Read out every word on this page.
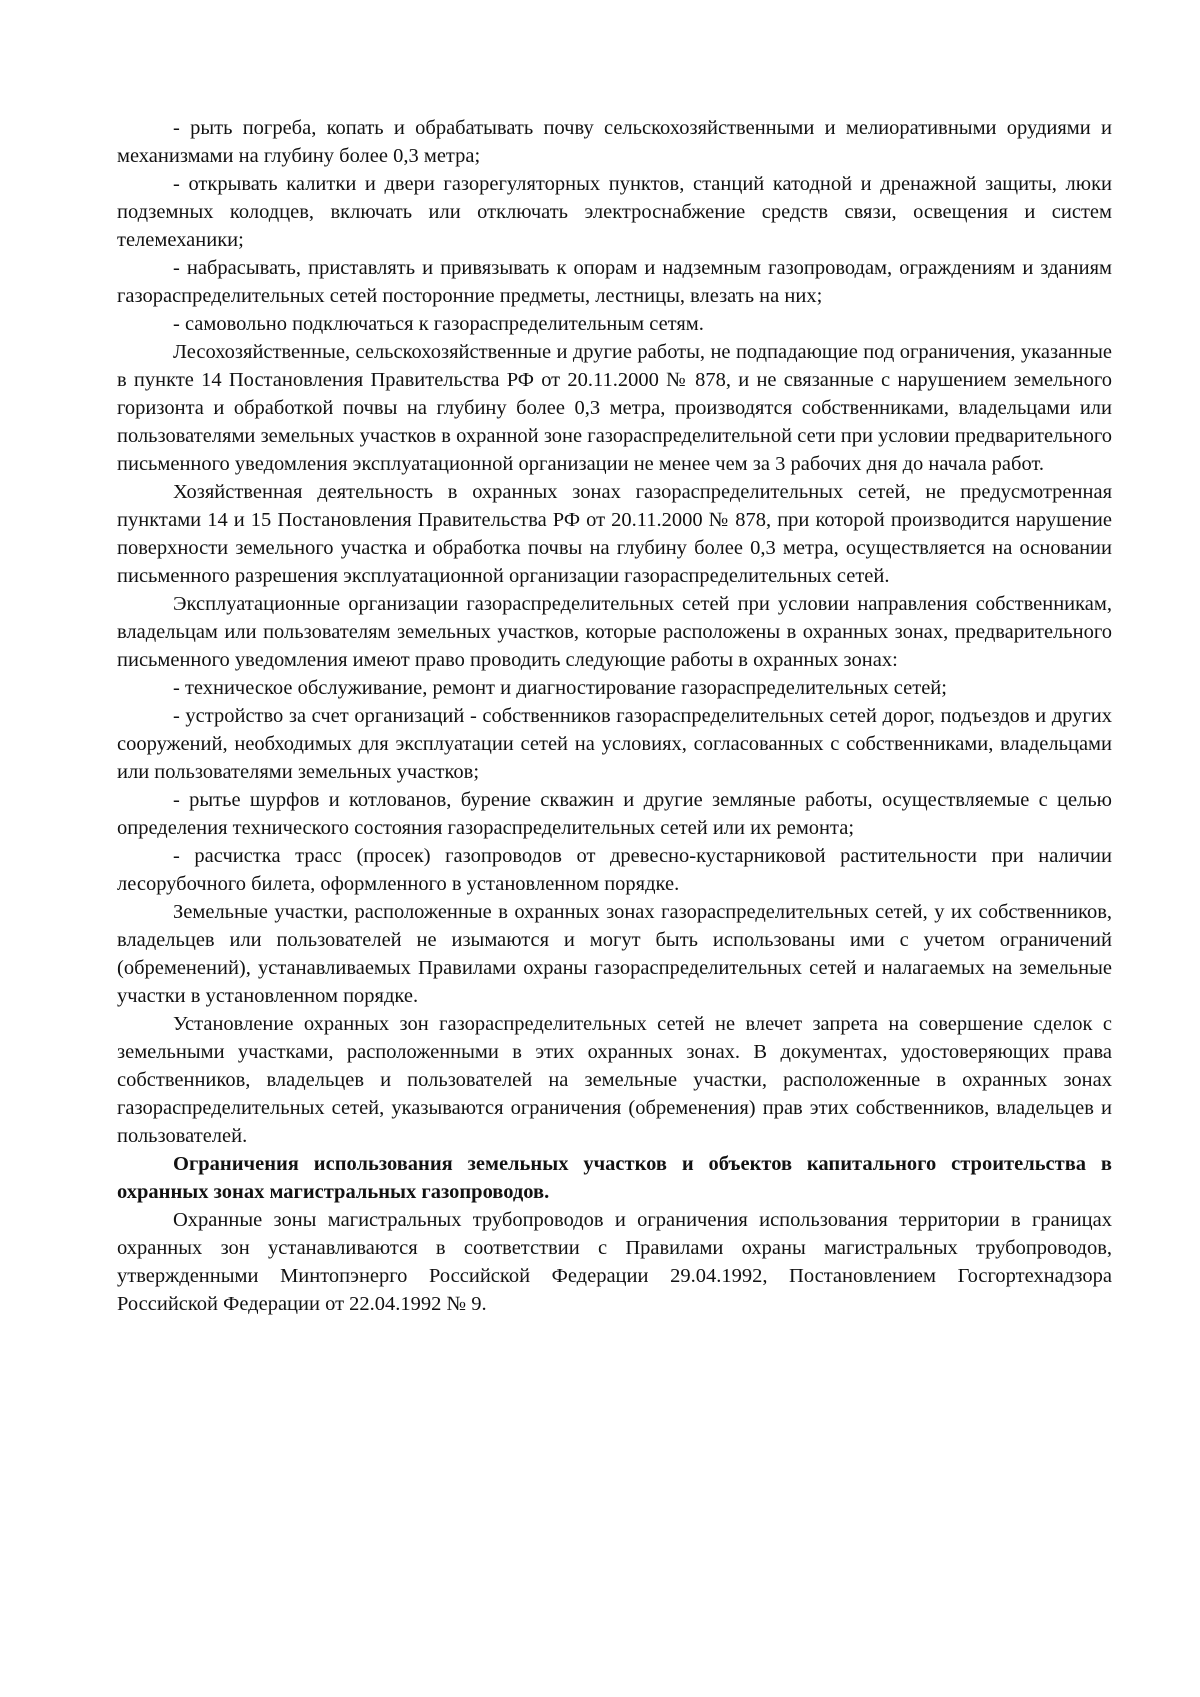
- рыть погреба, копать и обрабатывать почву сельскохозяйственными и мелиоративными орудиями и механизмами на глубину более 0,3 метра;

- открывать калитки и двери газорегуляторных пунктов, станций катодной и дренажной защиты, люки подземных колодцев, включать или отключать электроснабжение средств связи, освещения и систем телемеханики;

- набрасывать, приставлять и привязывать к опорам и надземным газопроводам, ограждениям и зданиям газораспределительных сетей посторонние предметы, лестницы, влезать на них;

- самовольно подключаться к газораспределительным сетям.

Лесохозяйственные, сельскохозяйственные и другие работы, не подпадающие под ограничения, указанные в пункте 14 Постановления Правительства РФ от 20.11.2000 № 878, и не связанные с нарушением земельного горизонта и обработкой почвы на глубину более 0,3 метра, производятся собственниками, владельцами или пользователями земельных участков в охранной зоне газораспределительной сети при условии предварительного письменного уведомления эксплуатационной организации не менее чем за 3 рабочих дня до начала работ.

Хозяйственная деятельность в охранных зонах газораспределительных сетей, не предусмотренная пунктами 14 и 15 Постановления Правительства РФ от 20.11.2000 № 878, при которой производится нарушение поверхности земельного участка и обработка почвы на глубину более 0,3 метра, осуществляется на основании письменного разрешения эксплуатационной организации газораспределительных сетей.

Эксплуатационные организации газораспределительных сетей при условии направления собственникам, владельцам или пользователям земельных участков, которые расположены в охранных зонах, предварительного письменного уведомления имеют право проводить следующие работы в охранных зонах:

- техническое обслуживание, ремонт и диагностирование газораспределительных сетей;

- устройство за счет организаций - собственников газораспределительных сетей дорог, подъездов и других сооружений, необходимых для эксплуатации сетей на условиях, согласованных с собственниками, владельцами или пользователями земельных участков;

- рытье шурфов и котлованов, бурение скважин и другие земляные работы, осуществляемые с целью определения технического состояния газораспределительных сетей или их ремонта;

- расчистка трасс (просек) газопроводов от древесно-кустарниковой растительности при наличии лесорубочного билета, оформленного в установленном порядке.

Земельные участки, расположенные в охранных зонах газораспределительных сетей, у их собственников, владельцев или пользователей не изымаются и могут быть использованы ими с учетом ограничений (обременений), устанавливаемых Правилами охраны газораспределительных сетей и налагаемых на земельные участки в установленном порядке.

Установление охранных зон газораспределительных сетей не влечет запрета на совершение сделок с земельными участками, расположенными в этих охранных зонах. В документах, удостоверяющих права собственников, владельцев и пользователей на земельные участки, расположенные в охранных зонах газораспределительных сетей, указываются ограничения (обременения) прав этих собственников, владельцев и пользователей.

Ограничения использования земельных участков и объектов капитального строительства в охранных зонах магистральных газопроводов.

Охранные зоны магистральных трубопроводов и ограничения использования территории в границах охранных зон устанавливаются в соответствии с Правилами охраны магистральных трубопроводов, утвержденными Минтопэнерго Российской Федерации 29.04.1992, Постановлением Госгортехнадзора Российской Федерации от 22.04.1992 № 9.
